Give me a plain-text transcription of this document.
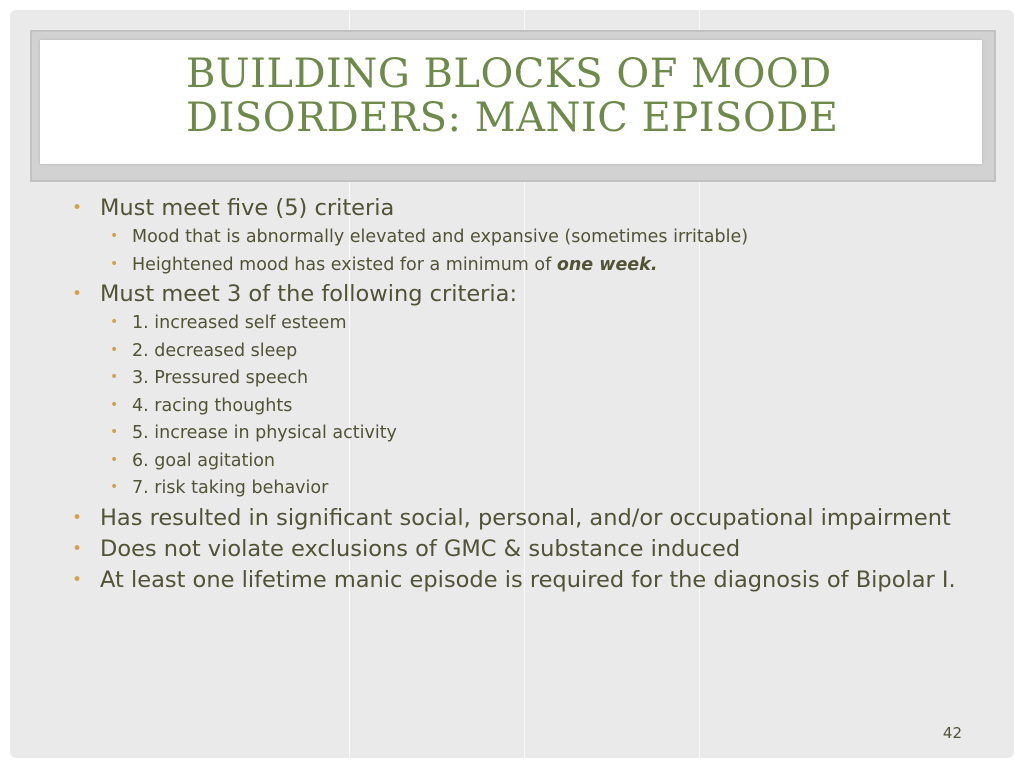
BUILDING BLOCKS OF MOOD
DISORDERS: MANIC EPISODE
• Must meet five (5) criteria
• Mood that is abnormally elevated and expansive (sometimes irritable)
• Heightened mood has existed for a minimum of one week.
• Must meet 3 of the following criteria:
• 1. increased self esteem
• 2. decreased sleep
• 3. Pressured speech
• 4. racing thoughts
• 5. increase in physical activity
• 6. goal agitation
• 7. risk taking behavior
• Has resulted in significant social, personal, and/or occupational impairment
• Does not violate exclusions of GMC & substance induced
• At least one lifetime manic episode is required for the diagnosis of Bipolar I.
42
